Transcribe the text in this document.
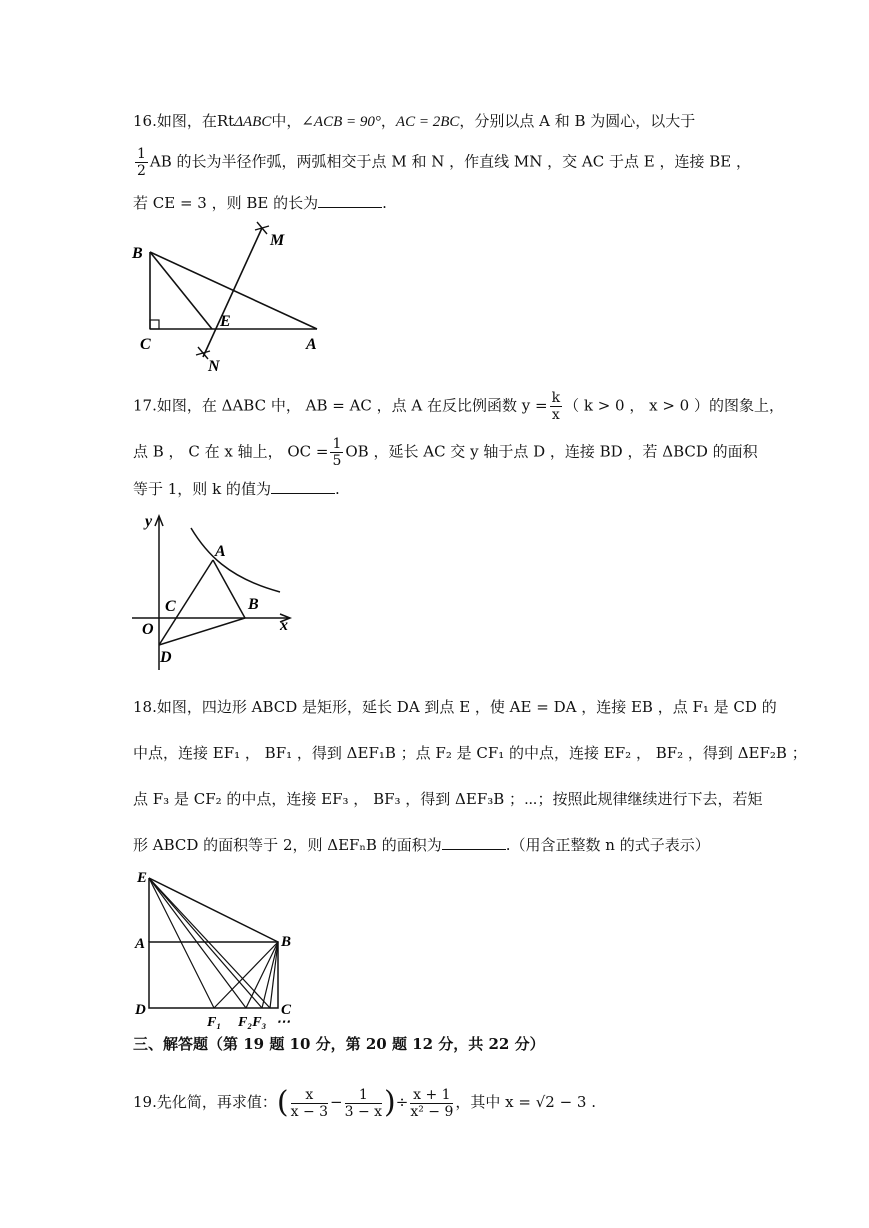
16.如图，在RtΔABC中，∠ACB = 90°，AC = 2BC，分别以点 A 和 B 为圆心，以大于
$\frac{1}{2}$ AB 的长为半径作弧，两弧相交于点 M 和 N ，作直线 MN ，交 AC 于点 E ，连接 BE ，
若 CE = 3 ，则 BE 的长为	.
B
M
E
C	A
N
17.如图，在 ΔABC 中， AB = AC ，点 A 在反比例函数 $y = \frac{k}{x}$ （ k > 0 ， x > 0 ）的图象上，
点 B ， C 在 x 轴上， OC = $\frac{1}{5}$ OB ，延长 AC 交 y 轴于点 D ，连接 BD ，若 ΔBCD 的面积
等于 1，则 k 的值为	.
y
A
C	B
O	x
D
18.如图，四边形 ABCD 是矩形，延长 DA 到点 E ，使 AE = DA ，连接 EB ，点 F₁ 是 CD 的
中点，连接 EF₁ ， BF₁ ，得到 ΔEF₁B ；点 F₂ 是 CF₁ 的中点，连接 EF₂ ， BF₂ ，得到 ΔEF₂B ；
点 F₃ 是 CF₂ 的中点，连接 EF₃ ， BF₃ ，得到 ΔEF₃B ；⋯；按照此规律继续进行下去，若矩
形 ABCD 的面积等于 2，则 ΔEFₙB 的面积为	.（用含正整数 n 的式子表示）
E
A	B
D
F₁ F₂F₃
C
⋯
三、解答题（第 19 题 10 分，第 20 题 12 分，共 22 分）
19.先化简，再求值：( $\frac{x}{x - 3} - \frac{1}{3 - x}$ )÷ $\frac{x + 1}{\text{x² − 9}}$ ，其中 x = √2 − 3 .
